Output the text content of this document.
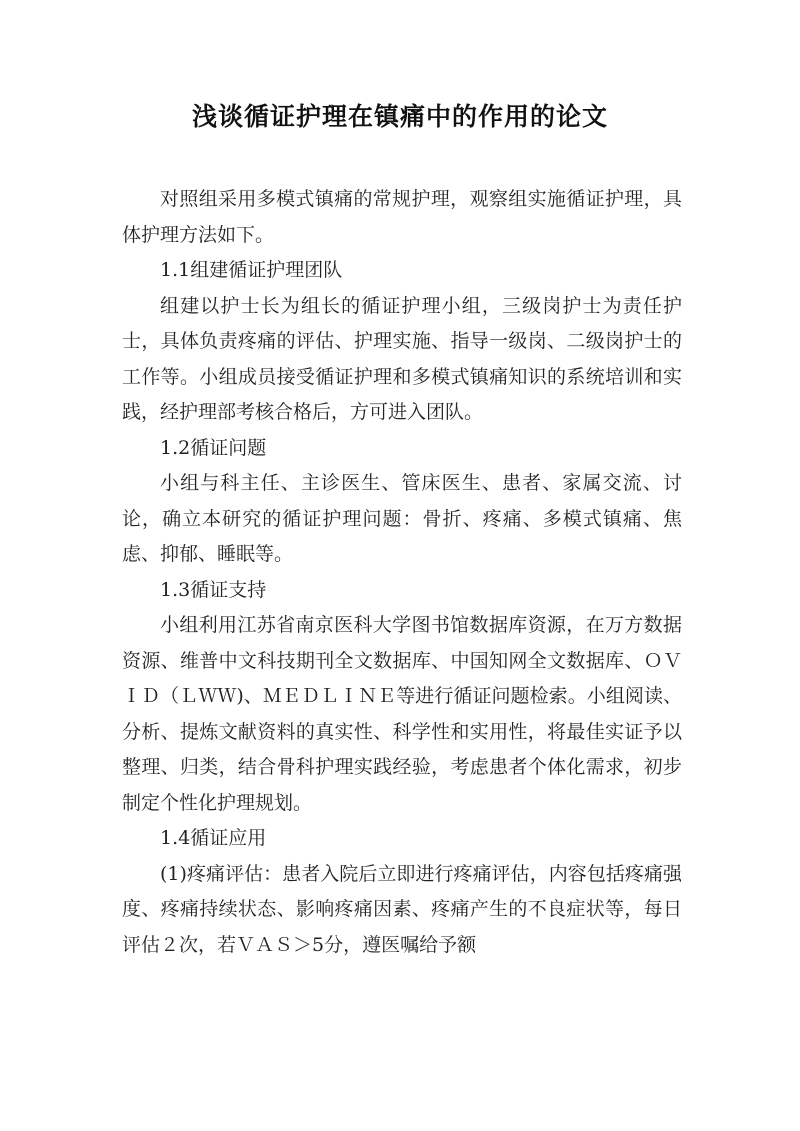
浅谈循证护理在镇痛中的作用的论文

对照组采用多模式镇痛的常规护理，观察组实施循证护理，具体护理方法如下。

1.1组建循证护理团队

组建以护士长为组长的循证护理小组，三级岗护士为责任护士，具体负责疼痛的评估、护理实施、指导一级岗、二级岗护士的工作等。小组成员接受循证护理和多模式镇痛知识的系统培训和实践，经护理部考核合格后，方可进入团队。

1.2循证问题

小组与科主任、主诊医生、管床医生、患者、家属交流、讨论，确立本研究的循证护理问题：骨折、疼痛、多模式镇痛、焦虑、抑郁、睡眠等。

1.3循证支持

小组利用江苏省南京医科大学图书馆数据库资源，在万方数据资源、维普中文科技期刊全文数据库、中国知网全文数据库、ＯＶＩＤ（ＬＷＷ)、ＭＥＤＬＩＮＥ等进行循证问题检索。小组阅读、分析、提炼文献资料的真实性、科学性和实用性，将最佳实证予以整理、归类，结合骨科护理实践经验，考虑患者个体化需求，初步制定个性化护理规划。

1.4循证应用

(1)疼痛评估：患者入院后立即进行疼痛评估，内容包括疼痛强度、疼痛持续状态、影响疼痛因素、疼痛产生的不良症状等，每日评估２次，若ＶＡＳ＞5分，遵医嘱给予额
